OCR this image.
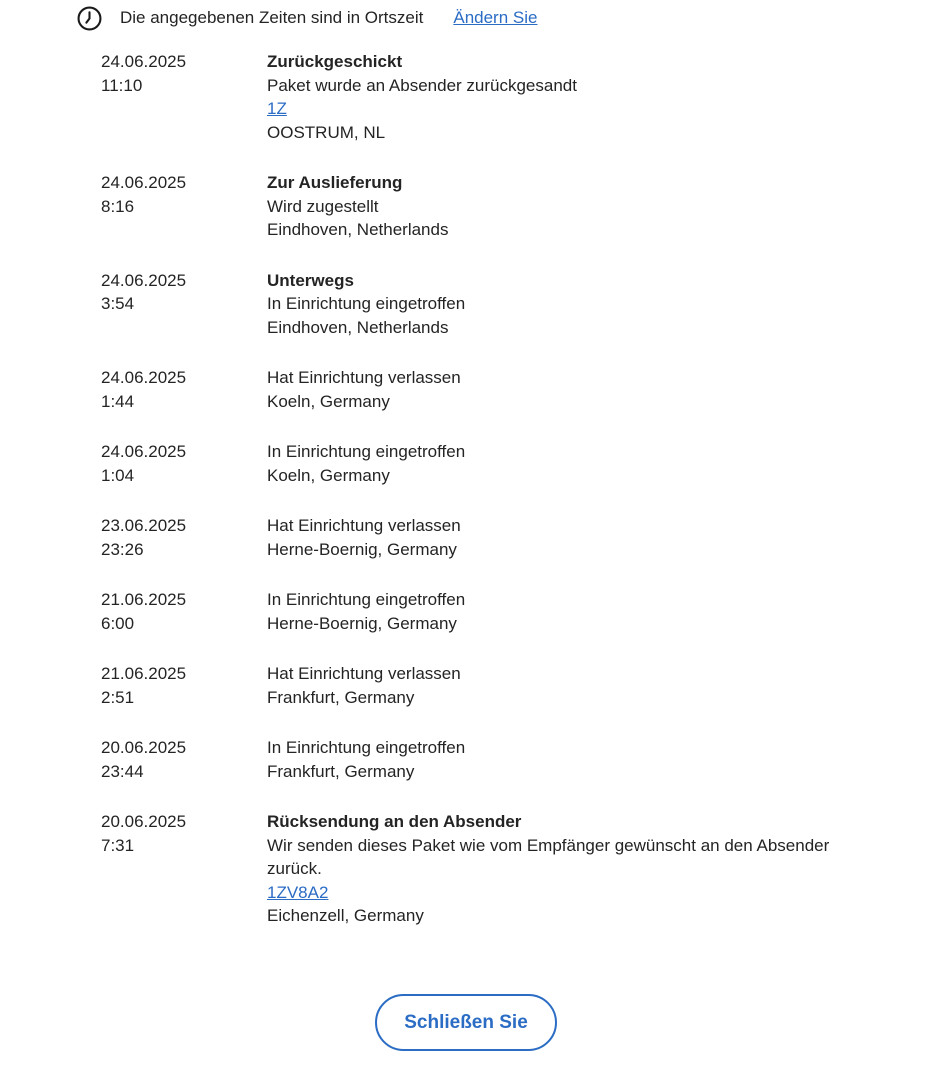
Die angegebenen Zeiten sind in Ortszeit Ändern Sie
24.06.2025
11:10
Zurückgeschickt
Paket wurde an Absender zurückgesandt
1Z
OOSTRUM, NL
24.06.2025
8:16
Zur Auslieferung
Wird zugestellt
Eindhoven, Netherlands
24.06.2025
3:54
Unterwegs
In Einrichtung eingetroffen
Eindhoven, Netherlands
24.06.2025
1:44
Hat Einrichtung verlassen
Koeln, Germany
24.06.2025
1:04
In Einrichtung eingetroffen
Koeln, Germany
23.06.2025
23:26
Hat Einrichtung verlassen
Herne-Boernig, Germany
21.06.2025
6:00
In Einrichtung eingetroffen
Herne-Boernig, Germany
21.06.2025
2:51
Hat Einrichtung verlassen
Frankfurt, Germany
20.06.2025
23:44
In Einrichtung eingetroffen
Frankfurt, Germany
20.06.2025
7:31
Rücksendung an den Absender
Wir senden dieses Paket wie vom Empfänger gewünscht an den Absender zurück.
1ZV8A2
Eichenzell, Germany
Schließen Sie
